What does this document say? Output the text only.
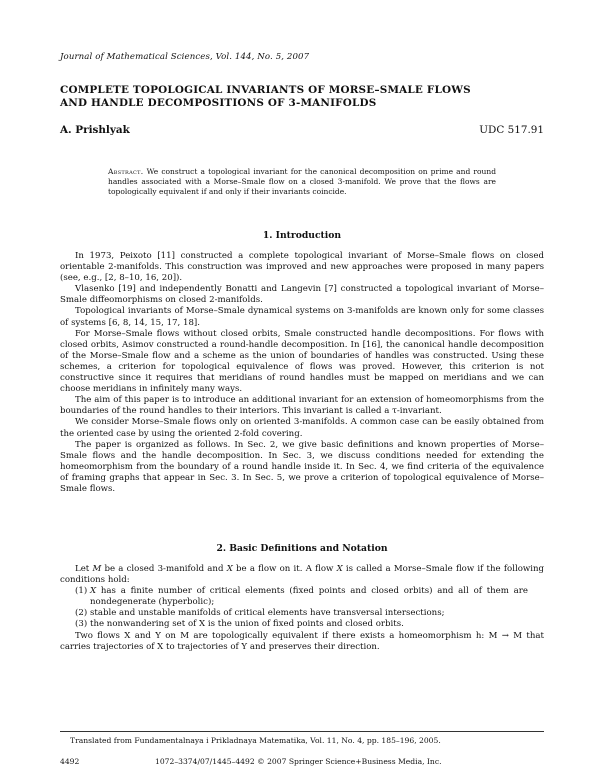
Journal of Mathematical Sciences, Vol. 144, No. 5, 2007
COMPLETE TOPOLOGICAL INVARIANTS OF MORSE–SMALE FLOWS
AND HANDLE DECOMPOSITIONS OF 3-MANIFOLDS
A. Prishlyak	UDC 517.91
Abstract. We construct a topological invariant for the canonical decomposition on prime and round handles associated with a Morse–Smale flow on a closed 3-manifold. We prove that the flows are topologically equivalent if and only if their invariants coincide.
1. Introduction

In 1973, Peixoto [11] constructed a complete topological invariant of Morse–Smale flows on closed orientable 2-manifolds. This construction was improved and new approaches were proposed in many papers (see, e.g., [2, 8–10, 16, 20]).

Vlasenko [19] and independently Bonatti and Langevin [7] constructed a topological invariant of Morse–Smale diffeomorphisms on closed 2-manifolds.

Topological invariants of Morse–Smale dynamical systems on 3-manifolds are known only for some classes of systems [6, 8, 14, 15, 17, 18].

For Morse–Smale flows without closed orbits, Smale constructed handle decompositions. For flows with closed orbits, Asimov constructed a round-handle decomposition. In [16], the canonical handle decomposition of the Morse–Smale flow and a scheme as the union of boundaries of handles was constructed. Using these schemes, a criterion for topological equivalence of flows was proved. However, this criterion is not constructive since it requires that meridians of round handles must be mapped on meridians and we can choose meridians in infinitely many ways.

The aim of this paper is to introduce an additional invariant for an extension of homeomorphisms from the boundaries of the round handles to their interiors. This invariant is called a τ-invariant.

We consider Morse–Smale flows only on oriented 3-manifolds. A common case can be easily obtained from the oriented case by using the oriented 2-fold covering.

The paper is organized as follows. In Sec. 2, we give basic definitions and known properties of Morse–Smale flows and the handle decomposition. In Sec. 3, we discuss conditions needed for extending the homeomorphism from the boundary of a round handle inside it. In Sec. 4, we find criteria of the equivalence of framing graphs that appear in Sec. 3. In Sec. 5, we prove a criterion of topological equivalence of Morse–Smale flows.

2. Basic Definitions and Notation

Let M be a closed 3-manifold and X be a flow on it. A flow X is called a Morse–Smale flow if the following conditions hold:

(1) X has a finite number of critical elements (fixed points and closed orbits) and all of them are nondegenerate (hyperbolic);
(2) stable and unstable manifolds of critical elements have transversal intersections;
(3) the nonwandering set of X is the union of fixed points and closed orbits.

Two flows X and Y on M are topologically equivalent if there exists a homeomorphism h: M → M that carries trajectories of X to trajectories of Y and preserves their direction.

Translated from Fundamentalnaya i Prikladnaya Matematika, Vol. 11, No. 4, pp. 185–196, 2005.
4492	1072–3374/07/1445–4492 © 2007 Springer Science+Business Media, Inc.
